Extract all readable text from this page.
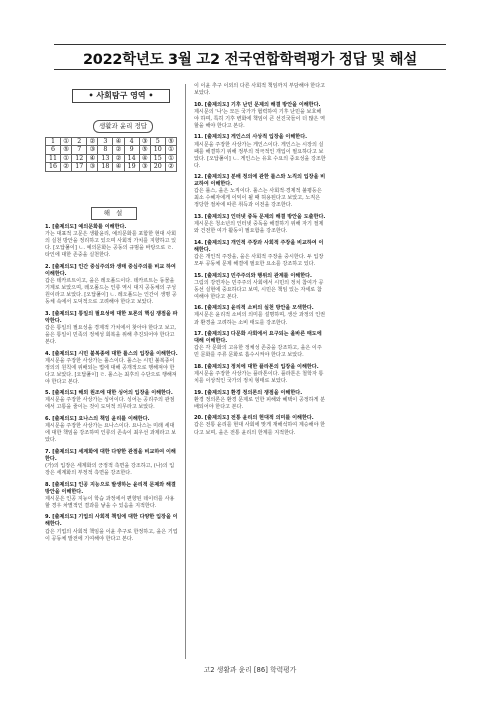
2022학년도 3월 고2 전국연합학력평가 정답 및 해설
• 사회탐구 영역 •
생활과 윤리 정답
1	①	2	②	3	④	4	③	5	⑤
6	⑤	7	③	8	②	9	⑤	10	①
11	①	12	④	13	②	14	④	15	①
16	②	17	③	18	④	19	③	20	②
해 설
1. [출제의도] 예의문화를 이해한다.
가는 대표적 고문은 생활윤리, 예의문화를 포함한 현대 사회의 실천 방안을 정리하고 있으며 사회적 가치를 지향하고 있다. [오답풀이] ㄴ. 예의문화는 공동의 규범을 바탕으로 ㄹ. 타인에 대한 존중을 실천한다.
2. [출제의도] 인간 중심주의와 생태 중심주의를 비교 하여 이해한다.
갑은 테카르트이고, 을은 레오폴드이다. 데카르트는 동물을 기계로 보았으며, 레오폴드는 인류 역시 대지 공동체의 구성원이라고 보았다. [오답풀이] ㄴ. 레오폴드는 인간이 생명 공동체 속에서 도덕적으로 고려해야 한다고 보았다.
3. [출제의도] 통일의 필요성에 대한 토론의 핵심 쟁점을 파악한다.
갑은 통일의 필요성을 경제적 가치에서 찾아야 한다고 보고, 을은 통일이 민족의 정체성 회복을 위해 추진되어야 한다고 본다.
4. [출제의도] 시민 불복종에 대한 롤스의 입장을 이해한다.
제시문을 주장한 사상가는 롤스이다. 롤스는 시민 불복종이 정의의 원칙에 위배되는 법에 대해 공개적으로 행해져야 한다고 보았다. [오답풀이] ㄹ. 롤스는 최후의 수단으로 행해져야 한다고 본다.
5. [출제의도] 해외 원조에 대한 싱어의 입장을 이해한다.
제시문을 주장한 사상가는 싱어이다. 싱어는 공리주의 관점에서 고통을 줄이는 것이 도덕적 의무라고 보았다.
6. [출제의도] 요나스의 책임 윤리를 이해한다.
제시문을 주장한 사상가는 요나스이다. 요나스는 미래 세대에 대한 책임을 강조하며 인류의 존속이 최우선 과제라고 보았다.
7. [출제의도] 세계화에 대한 다양한 관점을 비교하여 이해한다.
(가)의 입장은 세계화의 긍정적 측면을 강조하고, (나)의 입장은 세계화의 부정적 측면을 강조한다.
8. [출제의도] 인공 지능으로 발생하는 윤리적 문제와 해결 방안을 이해한다.
제시문은 인공 지능이 학습 과정에서 편향된 데이터를 사용할 경우 차별적인 결과를 낳을 수 있음을 지적한다.
9. [출제의도] 기업의 사회적 책임에 대한 다양한 입장을 이해한다.
갑은 기업의 사회적 책임을 이윤 추구로 한정하고, 을은 기업이 공동체 발전에 기여해야 한다고 본다.
이 이윤 추구 이외의 다른 사회적 책임까지 부담해야 한다고 보았다.
10. [출제의도] 기후 난민 문제의 해결 방안을 이해한다.
제시문의 '나'는 모든 국가가 협력하여 기후 난민을 보호해야 하며, 특히 기후 변화에 책임이 큰 선진국들이 더 많은 역할을 해야 한다고 본다.
11. [출제의도] 게인스의 사상적 입장을 이해한다.
제시문을 주장한 사상가는 게인스이다. 게인스는 시장의 실패를 해결하기 위해 정부의 적극적인 개입이 필요하다고 보았다. [오답풀이] ㄴ. 게인스는 유효 수요의 중요성을 강조한다.
12. [출제의도] 분배 정의에 관한 롤스와 노직의 입장을 비교하여 이해한다.
갑은 롤스, 을은 노직이다. 롤스는 사회적·경제적 불평등은 최소 수혜자에게 이익이 될 때 허용된다고 보았고, 노직은 정당한 절차에 따른 취득과 이전을 강조한다.
13. [출제의도] 인터넷 중독 문제의 해결 방안을 도출한다.
제시문은 청소년의 인터넷 중독을 해결하기 위해 자기 절제와 건전한 여가 활동이 필요함을 강조한다.
14. [출제의도] 개인적 주장과 사회적 주장을 비교하여 이해한다.
갑은 개인적 주장을, 을은 사회적 주장을 중시한다. 두 입장 모두 공동체 문제 해결에 필요한 요소를 강조하고 있다.
15. [출제의도] 민주주의와 행위의 관계를 이해한다.
그림의 강연자는 민주주의 사회에서 시민의 정치 참여가 공동선 실현에 중요하다고 보며, 시민은 책임 있는 자세로 참여해야 한다고 본다.
16. [출제의도] 윤리적 소비의 실천 방안을 모색한다.
제시문은 윤리적 소비의 의미를 설명하며, 생산 과정의 인권과 환경을 고려하는 소비 태도를 강조한다.
17. [출제의도] 다문화 사회에서 요구되는 올바른 태도에 대해 이해한다.
갑은 각 문화의 고유한 정체성 존중을 강조하고, 을은 이주민 문화를 주류 문화로 흡수시켜야 한다고 보았다.
18. [출제의도] 정치에 대한 플라톤의 입장을 이해한다.
제시문을 주장한 사상가는 플라톤이다. 플라톤은 철학자 통치를 이상적인 국가의 정치 형태로 보았다.
19. [출제의도] 환경 정의론의 쟁점을 이해한다.
환경 정의론은 환경 문제로 인한 피해와 혜택이 공정하게 분배되어야 한다고 본다.
20. [출제의도] 전통 윤리의 현대적 의미를 이해한다.
갑은 전통 윤리를 현대 사회에 맞게 재해석하여 계승해야 한다고 보며, 을은 전통 윤리의 한계를 지적한다.
고2 생활과 윤리 [86] 학력평가
